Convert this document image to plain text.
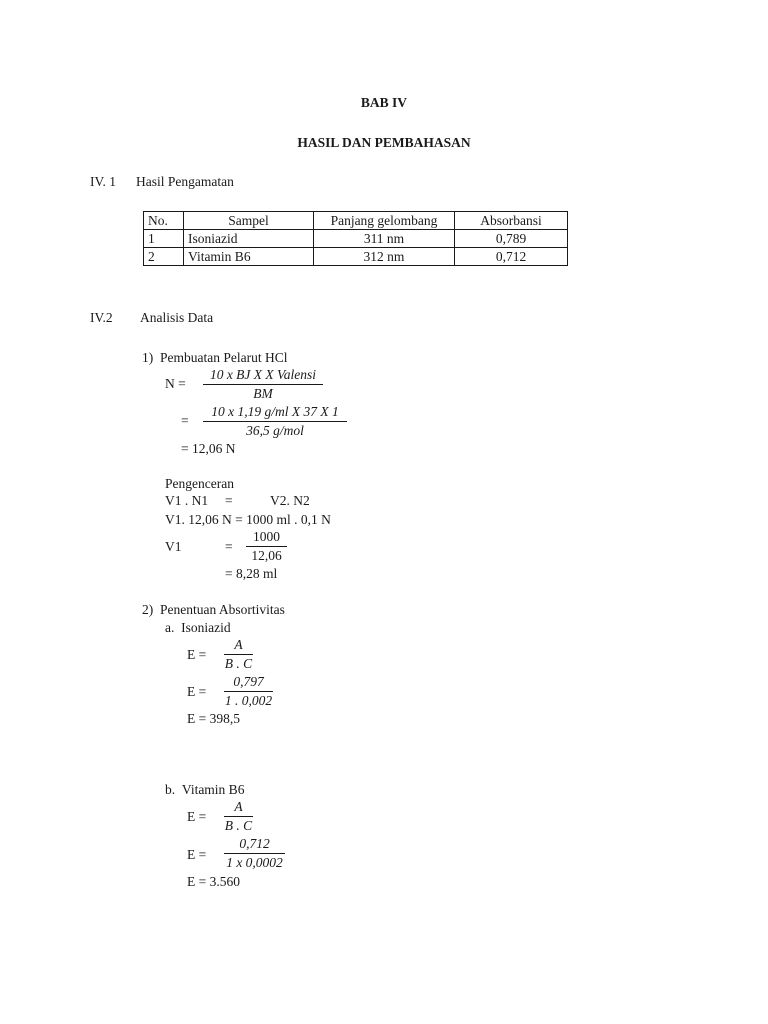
BAB IV
HASIL DAN PEMBAHASAN
IV. 1 Hasil Pengamatan
No.	Sampel	Panjang gelombang	Absorbansi
1	Isoniazid	311 nm	0,789
2	Vitamin B6	312 nm	0,712
IV.2 Analisis Data
1) Pembuatan Pelarut HCl
N =
10 x BJ X X Valensi
BM
=
10 x 1,19 g/ml X 37 X 1
36,5 g/mol
= 12,06 N
Pengenceran
V1 . N1 =	V2. N2
V1. 12,06 N = 1000 ml . 0,1 N
V1	=
1000
12,06
= 8,28 ml
2) Penentuan Absortivitas
a. Isoniazid
E =
A
B . C
E =
0,797
1 . 0,002
E = 398,5
b. Vitamin B6
E =
A
B . C
E =
0,712
1 x 0,0002
E = 3.560
